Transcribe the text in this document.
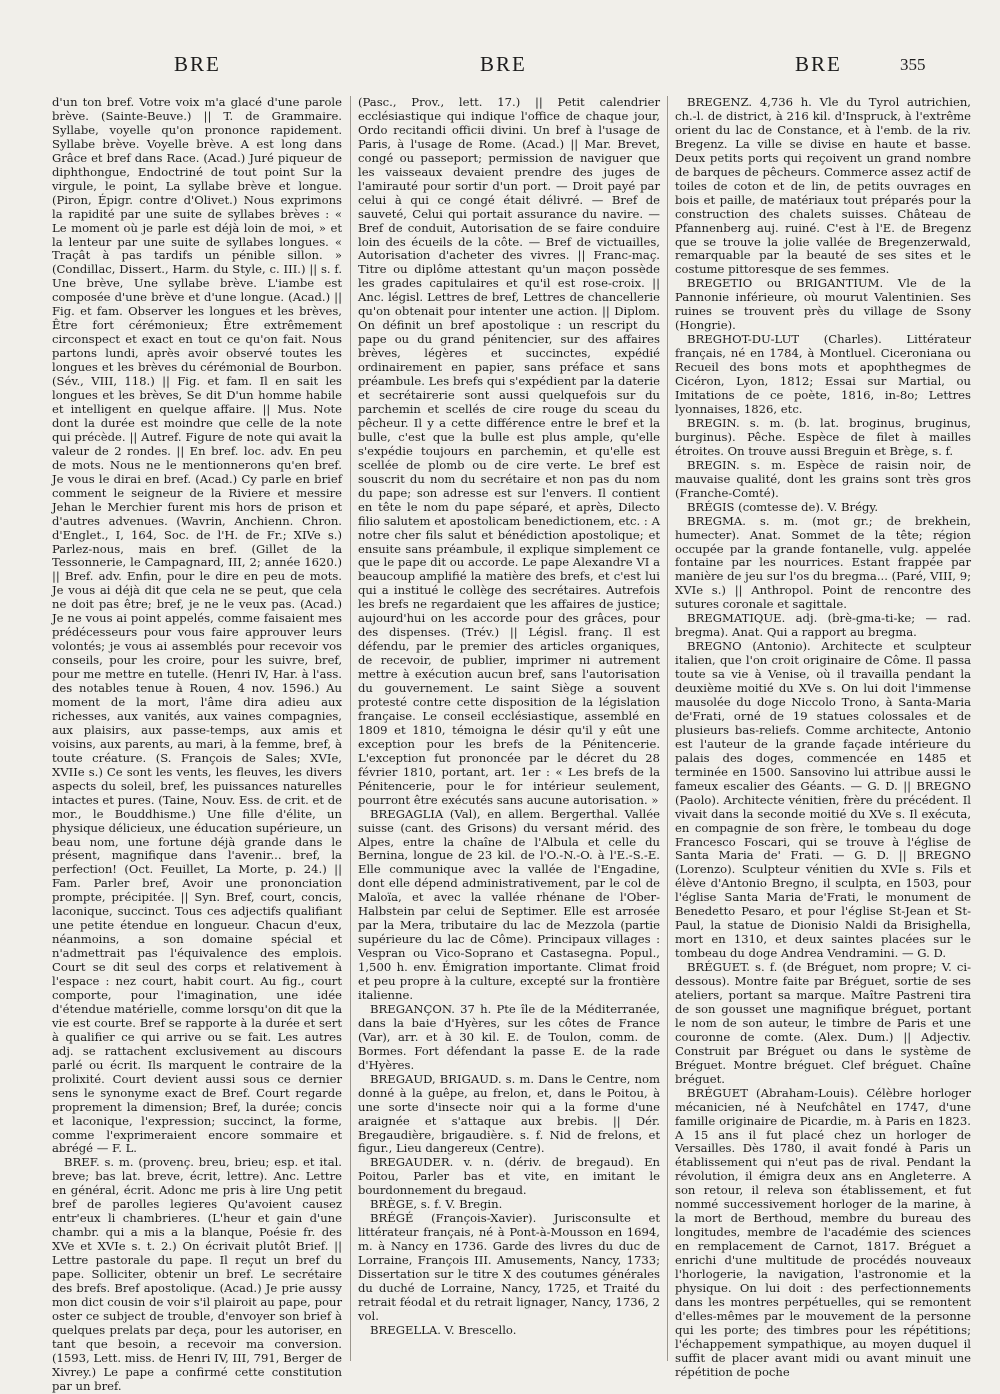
BRE	BRE	BRE	355

d'un ton bref. Votre voix m'a glacé d'une parole brève. (Sainte-Beuve.) || T. de Grammaire. Syllabe, voyelle qu'on prononce rapidement. Syllabe brève. Voyelle brève. A est long dans Grâce et bref dans Race. (Acad.) Juré piqueur de diphthongue, Endoctriné de tout point Sur la virgule, le point, La syllabe brève et longue. (Piron, Épigr. contre d'Olivet.) Nous exprimons la rapidité par une suite de syllabes brèves : « Le moment où je parle est déjà loin de moi, » et la lenteur par une suite de syllabes longues. « Traçât à pas tardifs un pénible sillon. » (Condillac, Dissert., Harm. du Style, c. III.) || s. f. Une brève, Une syllabe brève. L'iambe est composée d'une brève et d'une longue. (Acad.) || Fig. et fam. Observer les longues et les brèves, Être fort cérémonieux; Être extrêmement circonspect et exact en tout ce qu'on fait. Nous partons lundi, après avoir observé toutes les longues et les brèves du cérémonial de Bourbon. (Sév., VIII, 118.) || Fig. et fam. Il en sait les longues et les brèves, Se dit D'un homme habile et intelligent en quelque affaire. || Mus. Note dont la durée est moindre que celle de la note qui précède. || Autref. Figure de note qui avait la valeur de 2 rondes. || En bref. loc. adv. En peu de mots. Nous ne le mentionnerons qu'en bref. Je vous le dirai en bref. (Acad.) Cy parle en brief comment le seigneur de la Riviere et messire Jehan le Merchier furent mis hors de prison et d'autres advenues. (Wavrin, Anchienn. Chron. d'Englet., I, 164, Soc. de l'H. de Fr.; XIVe s.) Parlez-nous, mais en bref. (Gillet de la Tessonnerie, le Campagnard, III, 2; année 1620.) || Bref. adv. Enfin, pour le dire en peu de mots. Je vous ai déjà dit que cela ne se peut, que cela ne doit pas être; bref, je ne le veux pas. (Acad.) Je ne vous ai point appelés, comme faisaient mes prédécesseurs pour vous faire approuver leurs volontés; je vous ai assemblés pour recevoir vos conseils, pour les croire, pour les suivre, bref, pour me mettre en tutelle. (Henri IV, Har. à l'ass. des notables tenue à Rouen, 4 nov. 1596.) Au moment de la mort, l'âme dira adieu aux richesses, aux vanités, aux vaines compagnies, aux plaisirs, aux passe-temps, aux amis et voisins, aux parents, au mari, à la femme, bref, à toute créature. (S. François de Sales; XVIe, XVIIe s.) Ce sont les vents, les fleuves, les divers aspects du soleil, bref, les puissances naturelles intactes et pures. (Taine, Nouv. Ess. de crit. et de mor., le Bouddhisme.) Une fille d'élite, un physique délicieux, une éducation supérieure, un beau nom, une fortune déjà grande dans le présent, magnifique dans l'avenir... bref, la perfection! (Oct. Feuillet, La Morte, p. 24.) || Fam. Parler bref, Avoir une prononciation prompte, précipitée. || Syn. Bref, court, concis, laconique, succinct. Tous ces adjectifs qualifiant une petite étendue en longueur. Chacun d'eux, néanmoins, a son domaine spécial et n'admettrait pas l'équivalence des emplois. Court se dit seul des corps et relativement à l'espace : nez court, habit court. Au fig., court comporte, pour l'imagination, une idée d'étendue matérielle, comme lorsqu'on dit que la vie est courte. Bref se rapporte à la durée et sert à qualifier ce qui arrive ou se fait. Les autres adj. se rattachent exclusivement au discours parlé ou écrit. Ils marquent le contraire de la prolixité. Court devient aussi sous ce dernier sens le synonyme exact de Bref. Court regarde proprement la dimension; Bref, la durée; concis et laconique, l'expression; succinct, la forme, comme l'exprimeraient encore sommaire et abrégé — F. L.

BREF. s. m. (provenç. breu, brieu; esp. et ital. breve; bas lat. breve, écrit, lettre). Anc. Lettre en général, écrit. Adonc me pris à lire Ung petit bref de parolles legieres Qu'avoient causez entr'eux li chambrieres. (L'heur et gain d'une chambr. qui a mis a la blanque, Poésie fr. des XVe et XVIe s. t. 2.) On écrivait plutôt Brief. || Lettre pastorale du pape. Il reçut un bref du pape. Solliciter, obtenir un bref. Le secrétaire des brefs. Bref apostolique. (Acad.) Je prie aussy mon dict cousin de voir s'il plairoit au pape, pour oster ce subject de trouble, d'envoyer son brief à quelques prelats par deça, pour les autoriser, en tant que besoin, a recevoir ma conversion. (1593, Lett. miss. de Henri IV, III, 791, Berger de Xivrey.) Le pape a confirmé cette constitution par un bref.

(Pasc., Prov., lett. 17.) || Petit calendrier ecclésiastique qui indique l'office de chaque jour, Ordo recitandi officii divini. Un bref à l'usage de Paris, à l'usage de Rome. (Acad.) || Mar. Brevet, congé ou passeport; permission de naviguer que les vaisseaux devaient prendre des juges de l'amirauté pour sortir d'un port. — Droit payé par celui à qui ce congé était délivré. — Bref de sauveté, Celui qui portait assurance du navire. — Bref de conduit, Autorisation de se faire conduire loin des écueils de la côte. — Bref de victuailles, Autorisation d'acheter des vivres. || Franc-maç. Titre ou diplôme attestant qu'un maçon possède les grades capitulaires et qu'il est rose-croix. || Anc. législ. Lettres de bref, Lettres de chancellerie qu'on obtenait pour intenter une action. || Diplom. On définit un bref apostolique : un rescript du pape ou du grand pénitencier, sur des affaires brèves, légères et succinctes, expédié ordinairement en papier, sans préface et sans préambule. Les brefs qui s'expédient par la daterie et secrétairerie sont aussi quelquefois sur du parchemin et scellés de cire rouge du sceau du pêcheur. Il y a cette différence entre le bref et la bulle, c'est que la bulle est plus ample, qu'elle s'expédie toujours en parchemin, et qu'elle est scellée de plomb ou de cire verte. Le bref est souscrit du nom du secrétaire et non pas du nom du pape; son adresse est sur l'envers. Il contient en tête le nom du pape séparé, et après, Dilecto filio salutem et apostolicam benedictionem, etc. : A notre cher fils salut et bénédiction apostolique; et ensuite sans préambule, il explique simplement ce que le pape dit ou accorde. Le pape Alexandre VI a beaucoup amplifié la matière des brefs, et c'est lui qui a institué le collège des secrétaires. Autrefois les brefs ne regardaient que les affaires de justice; aujourd'hui on les accorde pour des grâces, pour des dispenses. (Trév.) || Législ. franç. Il est défendu, par le premier des articles organiques, de recevoir, de publier, imprimer ni autrement mettre à exécution aucun bref, sans l'autorisation du gouvernement. Le saint Siège a souvent protesté contre cette disposition de la législation française. Le conseil ecclésiastique, assemblé en 1809 et 1810, témoigna le désir qu'il y eût une exception pour les brefs de la Pénitencerie. L'exception fut prononcée par le décret du 28 février 1810, portant, art. 1er : « Les brefs de la Pénitencerie, pour le for intérieur seulement, pourront être exécutés sans aucune autorisation. »

BREGAGLIA (Val), en allem. Bergerthal. Vallée suisse (cant. des Grisons) du versant mérid. des Alpes, entre la chaîne de l'Albula et celle du Bernina, longue de 23 kil. de l'O.-N.-O. à l'E.-S.-E. Elle communique avec la vallée de l'Engadine, dont elle dépend administrativement, par le col de Maloïa, et avec la vallée rhénane de l'Ober-Halbstein par celui de Septimer. Elle est arrosée par la Mera, tributaire du lac de Mezzola (partie supérieure du lac de Côme). Principaux villages : Vespran ou Vico-Soprano et Castasegna. Popul., 1,500 h. env. Émigration importante. Climat froid et peu propre à la culture, excepté sur la frontière italienne.

BREGANÇON. 37 h. Pte île de la Méditerranée, dans la baie d'Hyères, sur les côtes de France (Var), arr. et à 30 kil. E. de Toulon, comm. de Bormes. Fort défendant la passe E. de la rade d'Hyères.

BREGAUD, BRIGAUD. s. m. Dans le Centre, nom donné à la guêpe, au frelon, et, dans le Poitou, à une sorte d'insecte noir qui a la forme d'une araignée et s'attaque aux brebis. || Dér. Bregaudière, brigaudière. s. f. Nid de frelons, et figur., Lieu dangereux (Centre).

BREGAUDER. v. n. (dériv. de bregaud). En Poitou, Parler bas et vite, en imitant le bourdonnement du bregaud.

BRÈGE, s. f. V. Bregin.

BRÉGÉ (François-Xavier). Jurisconsulte et littérateur français, né à Pont-à-Mousson en 1694, m. à Nancy en 1736. Garde des livres du duc de Lorraine, François III. Amusements, Nancy, 1733; Dissertation sur le titre X des coutumes générales du duché de Lorraine, Nancy, 1725, et Traité du retrait féodal et du retrait lignager, Nancy, 1736, 2 vol.

BREGELLA. V. Brescello.

BREGENZ. 4,736 h. Vle du Tyrol autrichien, ch.-l. de district, à 216 kil. d'Inspruck, à l'extrême orient du lac de Constance, et à l'emb. de la riv. Bregenz. La ville se divise en haute et basse. Deux petits ports qui reçoivent un grand nombre de barques de pêcheurs. Commerce assez actif de toiles de coton et de lin, de petits ouvrages en bois et paille, de matériaux tout préparés pour la construction des chalets suisses. Château de Pfannenberg auj. ruiné. C'est à l'E. de Bregenz que se trouve la jolie vallée de Bregenzerwald, remarquable par la beauté de ses sites et le costume pittoresque de ses femmes.

BREGETIO ou BRIGANTIUM. Vle de la Pannonie inférieure, où mourut Valentinien. Ses ruines se trouvent près du village de Ssony (Hongrie).

BREGHOT-DU-LUT (Charles). Littérateur français, né en 1784, à Montluel. Ciceroniana ou Recueil des bons mots et apophthegmes de Cicéron, Lyon, 1812; Essai sur Martial, ou Imitations de ce poète, 1816, in-8o; Lettres lyonnaises, 1826, etc.

BREGIN. s. m. (b. lat. broginus, bruginus, burginus). Pêche. Espèce de filet à mailles étroites. On trouve aussi Breguin et Brège, s. f.

BREGIN. s. m. Espèce de raisin noir, de mauvaise qualité, dont les grains sont très gros (Franche-Comté).

BRÉGIS (comtesse de). V. Brégy.

BREGMA. s. m. (mot gr.; de brekhein, humecter). Anat. Sommet de la tête; région occupée par la grande fontanelle, vulg. appelée fontaine par les nourrices. Estant frappée par manière de jeu sur l'os du bregma... (Paré, VIII, 9; XVIe s.) || Anthropol. Point de rencontre des sutures coronale et sagittale.

BREGMATIQUE. adj. (brè-gma-ti-ke; — rad. bregma). Anat. Qui a rapport au bregma.

BREGNO (Antonio). Architecte et sculpteur italien, que l'on croit originaire de Côme. Il passa toute sa vie à Venise, où il travailla pendant la deuxième moitié du XVe s. On lui doit l'immense mausolée du doge Niccolo Trono, à Santa-Maria de'Frati, orné de 19 statues colossales et de plusieurs bas-reliefs. Comme architecte, Antonio est l'auteur de la grande façade intérieure du palais des doges, commencée en 1485 et terminée en 1500. Sansovino lui attribue aussi le fameux escalier des Géants. — G. D. || BREGNO (Paolo). Architecte vénitien, frère du précédent. Il vivait dans la seconde moitié du XVe s. Il exécuta, en compagnie de son frère, le tombeau du doge Francesco Foscari, qui se trouve à l'église de Santa Maria de' Frati. — G. D. || BREGNO (Lorenzo). Sculpteur vénitien du XVIe s. Fils et élève d'Antonio Bregno, il sculpta, en 1503, pour l'église Santa Maria de'Frati, le monument de Benedetto Pesaro, et pour l'église St-Jean et St-Paul, la statue de Dionisio Naldi da Brisighella, mort en 1310, et deux saintes placées sur le tombeau du doge Andrea Vendramini. — G. D.

BRÉGUET. s. f. (de Bréguet, nom propre; V. ci-dessous). Montre faite par Bréguet, sortie de ses ateliers, portant sa marque. Maître Pastreni tira de son gousset une magnifique bréguet, portant le nom de son auteur, le timbre de Paris et une couronne de comte. (Alex. Dum.) || Adjectiv. Construit par Bréguet ou dans le système de Bréguet. Montre bréguet. Clef bréguet. Chaîne bréguet.

BRÉGUET (Abraham-Louis). Célèbre horloger mécanicien, né à Neufchâtel en 1747, d'une famille originaire de Picardie, m. à Paris en 1823. A 15 ans il fut placé chez un horloger de Versailles. Dès 1780, il avait fondé à Paris un établissement qui n'eut pas de rival. Pendant la révolution, il émigra deux ans en Angleterre. A son retour, il releva son établissement, et fut nommé successivement horloger de la marine, à la mort de Berthoud, membre du bureau des longitudes, membre de l'académie des sciences en remplacement de Carnot, 1817. Bréguet a enrichi d'une multitude de procédés nouveaux l'horlogerie, la navigation, l'astronomie et la physique. On lui doit : des perfectionnements dans les montres perpétuelles, qui se remontent d'elles-mêmes par le mouvement de la personne qui les porte; des timbres pour les répétitions; l'échappement sympathique, au moyen duquel il suffit de placer avant midi ou avant minuit une répétition de poche
